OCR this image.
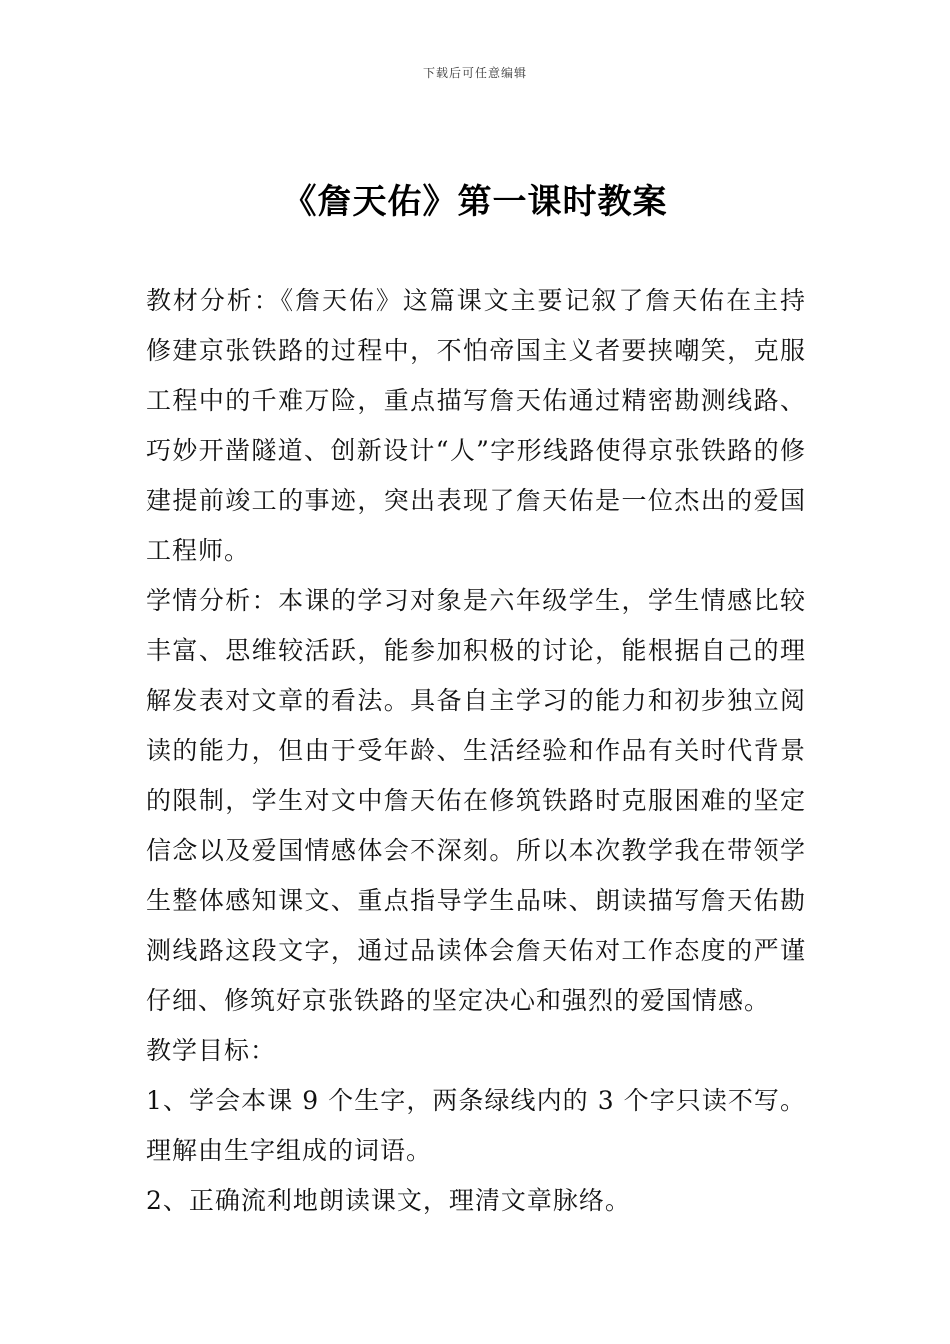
下载后可任意编辑
《詹天佑》第一课时教案

教材分析：《詹天佑》这篇课文主要记叙了詹天佑在主持修建京张铁路的过程中，不怕帝国主义者要挟嘲笑，克服工程中的千难万险，重点描写詹天佑通过精密勘测线路、巧妙开凿隧道、创新设计“人”字形线路使得京张铁路的修建提前竣工的事迹，突出表现了詹天佑是一位杰出的爱国工程师。

学情分析：本课的学习对象是六年级学生，学生情感比较丰富、思维较活跃，能参加积极的讨论，能根据自己的理解发表对文章的看法。具备自主学习的能力和初步独立阅读的能力，但由于受年龄、生活经验和作品有关时代背景的限制，学生对文中詹天佑在修筑铁路时克服困难的坚定信念以及爱国情感体会不深刻。所以本次教学我在带领学生整体感知课文、重点指导学生品味、朗读描写詹天佑勘测线路这段文字，通过品读体会詹天佑对工作态度的严谨仔细、修筑好京张铁路的坚定决心和强烈的爱国情感。

教学目标：

1、学会本课 9 个生字，两条绿线内的 3 个字只读不写。理解由生字组成的词语。

2、正确流利地朗读课文，理清文章脉络。
